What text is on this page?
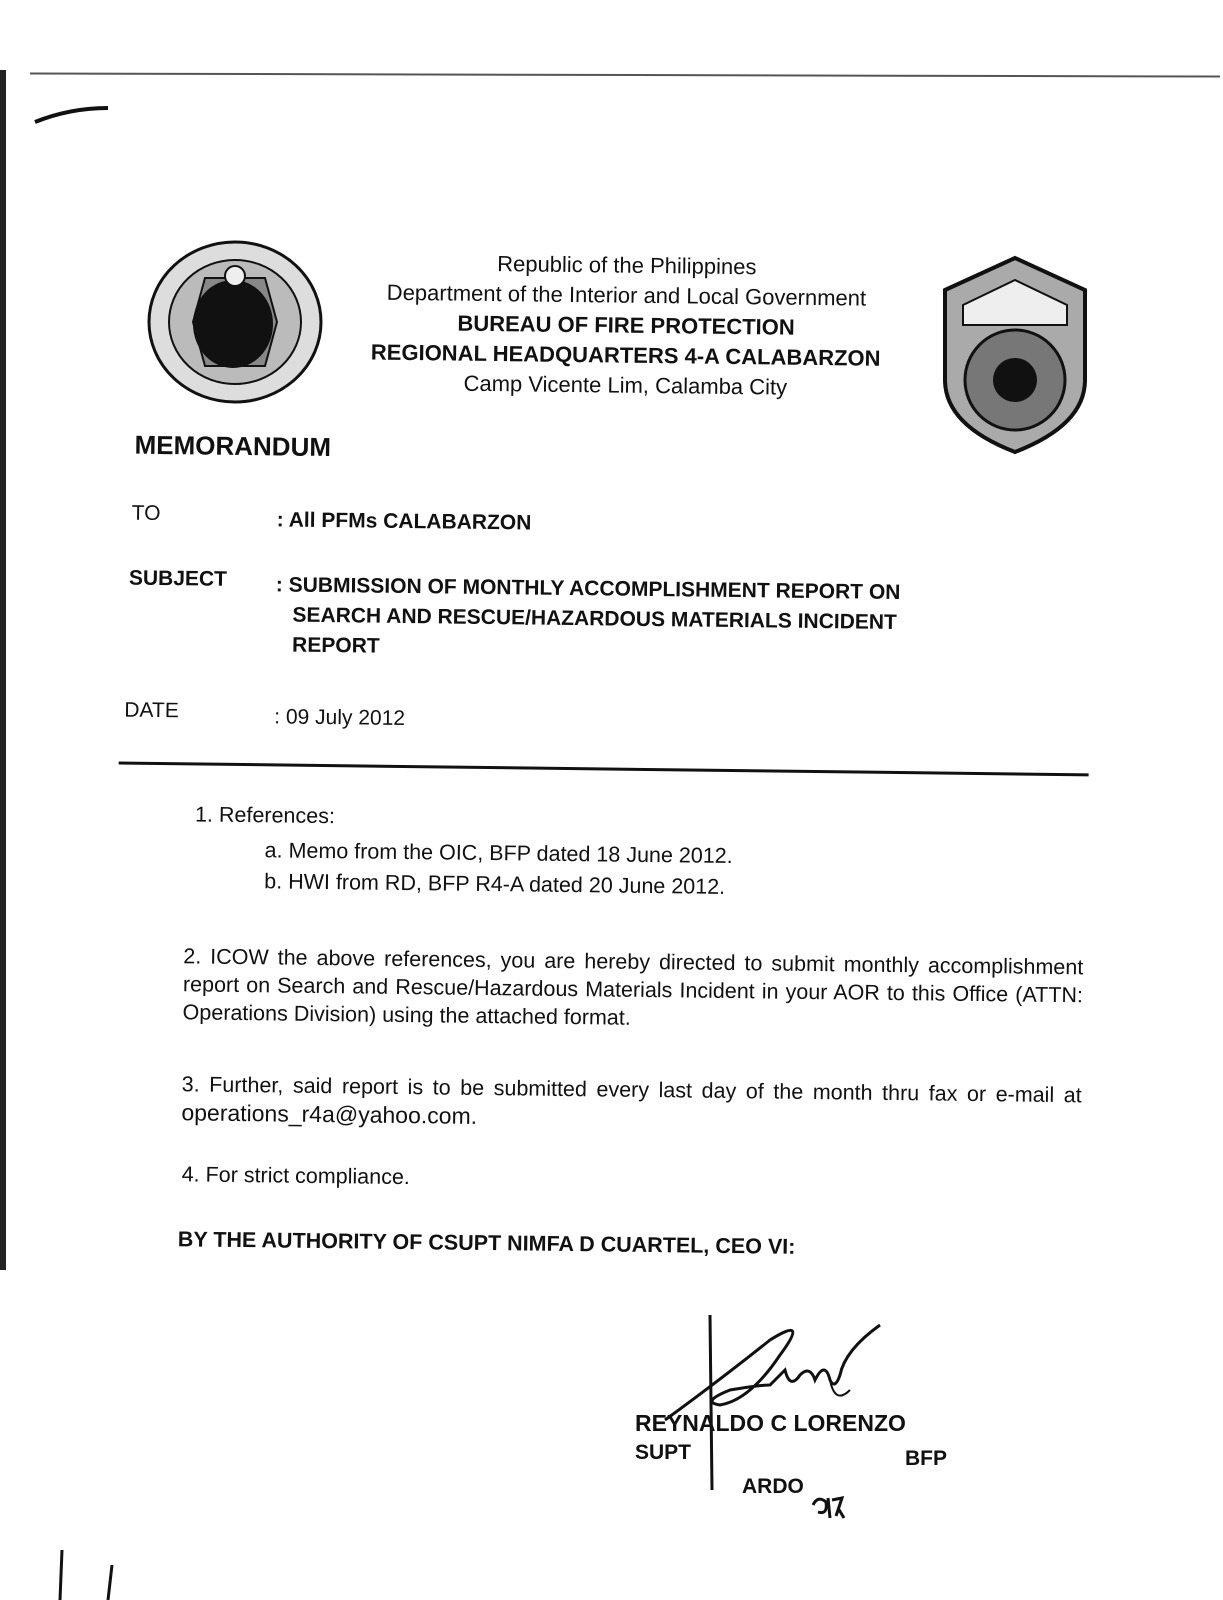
Republic of the Philippines
Department of the Interior and Local Government
BUREAU OF FIRE PROTECTION
REGIONAL HEADQUARTERS 4-A CALABARZON
Camp Vicente Lim, Calamba City
MEMORANDUM
TO	: All PFMs CALABARZON
SUBJECT : SUBMISSION OF MONTHLY ACCOMPLISHMENT REPORT ON
SEARCH AND RESCUE/HAZARDOUS MATERIALS INCIDENT
REPORT
DATE	: 09 July 2012
1. References:
a. Memo from the OIC, BFP dated 18 June 2012.
b. HWI from RD, BFP R4-A dated 20 June 2012.
2. ICOW the above references, you are hereby directed to submit monthly accomplishment report on Search and Rescue/Hazardous Materials Incident in your AOR to this Office (ATTN: Operations Division) using the attached format.
3. Further, said report is to be submitted every last day of the month thru fax or e-mail at operations_r4a@yahoo.com.
4. For strict compliance.
BY THE AUTHORITY OF CSUPT NIMFA D CUARTEL, CEO VI:
REYNALDO C LORENZO
SUPT	BFP
ARDO
